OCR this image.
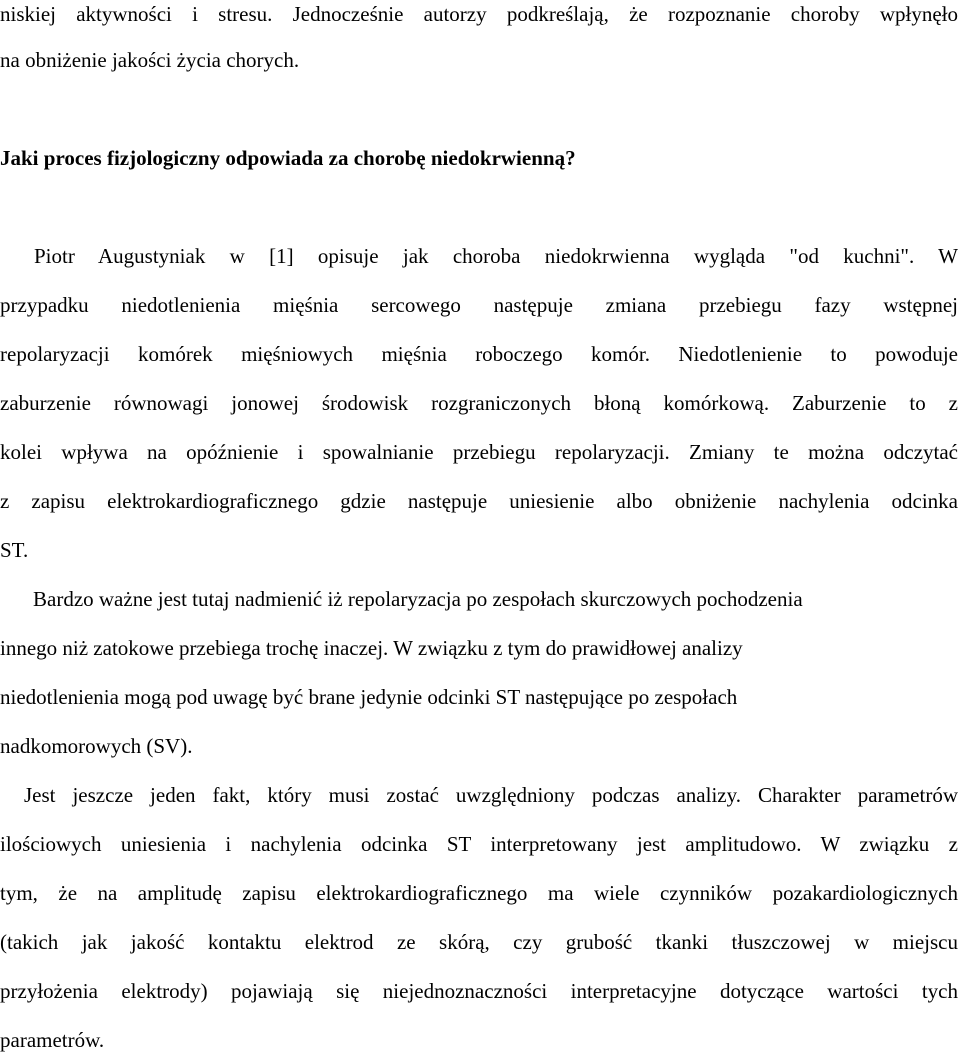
niskiej aktywności i stresu. Jednocześnie autorzy podkreślają, że rozpoznanie choroby wpłynęło
na obniżenie jakości życia chorych.
Jaki proces fizjologiczny odpowiada za chorobę niedokrwienną?
Piotr Augustyniak w [1] opisuje jak choroba niedokrwienna wygląda "od kuchni". W
przypadku niedotlenienia mięśnia sercowego następuje zmiana przebiegu fazy wstępnej
repolaryzacji komórek mięśniowych mięśnia roboczego komór. Niedotlenienie to powoduje
zaburzenie równowagi jonowej środowisk rozgraniczonych błoną komórkową. Zaburzenie to z
kolei wpływa na opóźnienie i spowalnianie przebiegu repolaryzacji. Zmiany te można odczytać
z zapisu elektrokardiograficznego gdzie następuje uniesienie albo obniżenie nachylenia odcinka
ST.
Bardzo ważne jest tutaj nadmienić iż repolaryzacja po zespołach skurczowych pochodzenia
innego niż zatokowe przebiega trochę inaczej. W związku z tym do prawidłowej analizy
niedotlenienia mogą pod uwagę być brane jedynie odcinki ST następujące po zespołach
nadkomorowych (SV).
Jest jeszcze jeden fakt, który musi zostać uwzględniony podczas analizy. Charakter parametrów
ilościowych uniesienia i nachylenia odcinka ST interpretowany jest amplitudowo. W związku z
tym, że na amplitudę zapisu elektrokardiograficznego ma wiele czynników pozakardiologicznych
(takich jak jakość kontaktu elektrod ze skórą, czy grubość tkanki tłuszczowej w miejscu
przyłożenia elektrody) pojawiają się niejednoznaczności interpretacyjne dotyczące wartości tych
parametrów.
